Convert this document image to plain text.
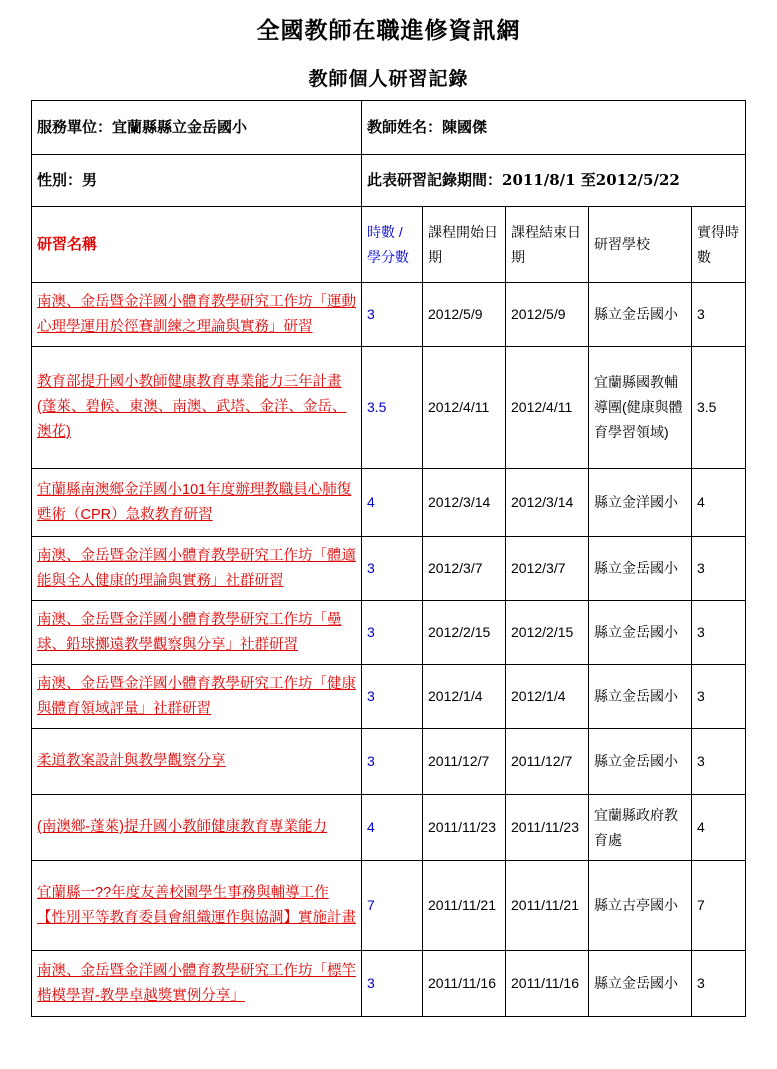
全國教師在職進修資訊網
教師個人研習記錄
服務單位：宜蘭縣縣立金岳國小	教師姓名：陳國傑				
性別：男	此表研習記錄期間：2011/8/1 至2012/5/22				
研習名稱	時數 / 學分數	課程開始日期	課程結束日期	研習學校	實得時數
南澳、金岳暨金洋國小體育教學研究工作坊「運動心理學運用於徑賽訓練之理論與實務」研習	3	2012/5/9	2012/5/9	縣立金岳國小	3
教育部提升國小教師健康教育專業能力三年計畫 (蓬萊、碧候、東澳、南澳、武塔、金洋、金岳、澳花)	3.5	2012/4/11	2012/4/11	宜蘭縣國教輔導團(健康與體育學習領域)	3.5
宜蘭縣南澳鄉金洋國小101年度辦理教職員心肺復甦術（CPR）急救教育研習	4	2012/3/14	2012/3/14	縣立金洋國小	4
南澳、金岳暨金洋國小體育教學研究工作坊「體適能與全人健康的理論與實務」社群研習	3	2012/3/7	2012/3/7	縣立金岳國小	3
南澳、金岳暨金洋國小體育教學研究工作坊「壘球、鉛球擲遠教學觀察與分享」社群研習	3	2012/2/15	2012/2/15	縣立金岳國小	3
南澳、金岳暨金洋國小體育教學研究工作坊「健康與體育領域評量」社群研習	3	2012/1/4	2012/1/4	縣立金岳國小	3
柔道教案設計與教學觀察分享	3	2011/12/7	2011/12/7	縣立金岳國小	3
(南澳鄉-蓬萊)提升國小教師健康教育專業能力	4	2011/11/23	2011/11/23	宜蘭縣政府教育處	4
宜蘭縣一??年度友善校園學生事務與輔導工作【性別平等教育委員會組織運作與協調】實施計畫	7	2011/11/21	2011/11/21	縣立古亭國小	7
南澳、金岳暨金洋國小體育教學研究工作坊「標竿楷模學習-教學卓越獎實例分享」	3	2011/11/16	2011/11/16	縣立金岳國小	3
